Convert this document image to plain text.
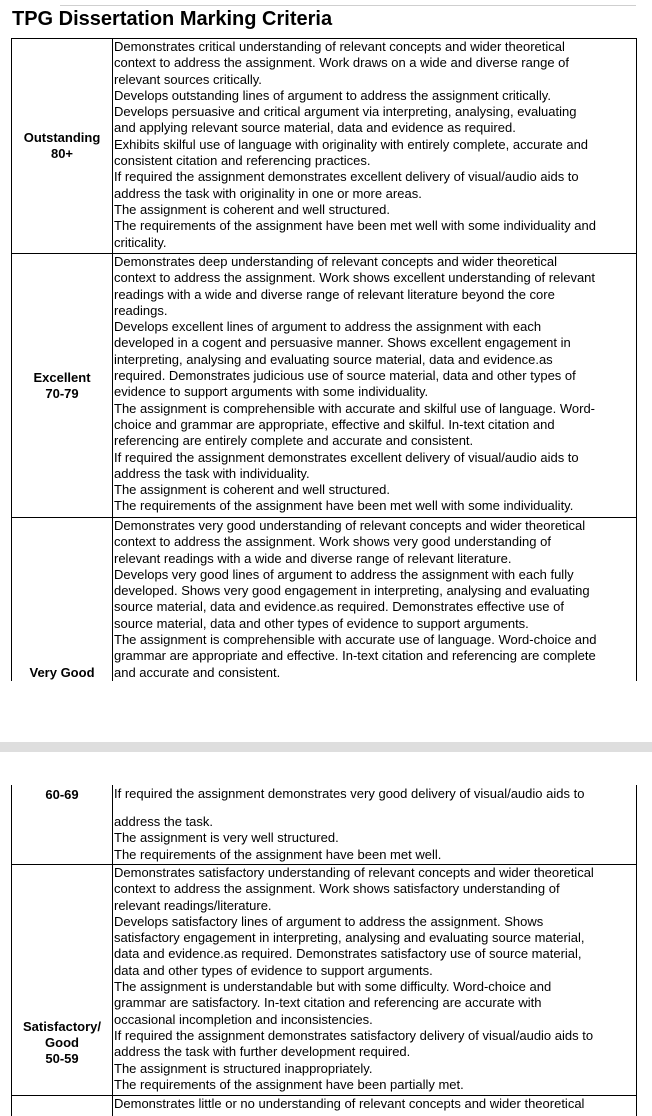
TPG Dissertation Marking Criteria
Outstanding
80+
Demonstrates critical understanding of relevant concepts and wider theoretical
context to address the assignment. Work draws on a wide and diverse range of
relevant sources critically.
Develops outstanding lines of argument to address the assignment critically.
Develops persuasive and critical argument via interpreting, analysing, evaluating
and applying relevant source material, data and evidence as required.
Exhibits skilful use of language with originality with entirely complete, accurate and
consistent citation and referencing practices.
If required the assignment demonstrates excellent delivery of visual/audio aids to
address the task with originality in one or more areas.
The assignment is coherent and well structured.
The requirements of the assignment have been met well with some individuality and
criticality.
Excellent
70-79
Demonstrates deep understanding of relevant concepts and wider theoretical
context to address the assignment. Work shows excellent understanding of relevant
readings with a wide and diverse range of relevant literature beyond the core
readings.
Develops excellent lines of argument to address the assignment with each
developed in a cogent and persuasive manner. Shows excellent engagement in
interpreting, analysing and evaluating source material, data and evidence.as
required. Demonstrates judicious use of source material, data and other types of
evidence to support arguments with some individuality.
The assignment is comprehensible with accurate and skilful use of language. Word-
choice and grammar are appropriate, effective and skilful. In-text citation and
referencing are entirely complete and accurate and consistent.
If required the assignment demonstrates excellent delivery of visual/audio aids to
address the task with individuality.
The assignment is coherent and well structured.
The requirements of the assignment have been met well with some individuality.
Very Good
Demonstrates very good understanding of relevant concepts and wider theoretical
context to address the assignment. Work shows very good understanding of
relevant readings with a wide and diverse range of relevant literature.
Develops very good lines of argument to address the assignment with each fully
developed. Shows very good engagement in interpreting, analysing and evaluating
source material, data and evidence.as required. Demonstrates effective use of
source material, data and other types of evidence to support arguments.
The assignment is comprehensible with accurate use of language. Word-choice and
grammar are appropriate and effective. In-text citation and referencing are complete
and accurate and consistent.
60-69	If required the assignment demonstrates very good delivery of visual/audio aids to
address the task.
The assignment is very well structured.
The requirements of the assignment have been met well.
Satisfactory/
Good
50-59
Demonstrates satisfactory understanding of relevant concepts and wider theoretical
context to address the assignment. Work shows satisfactory understanding of
relevant readings/literature.
Develops satisfactory lines of argument to address the assignment. Shows
satisfactory engagement in interpreting, analysing and evaluating source material,
data and evidence.as required. Demonstrates satisfactory use of source material,
data and other types of evidence to support arguments.
The assignment is understandable but with some difficulty. Word-choice and
grammar are satisfactory. In-text citation and referencing are accurate with
occasional incompletion and inconsistencies.
If required the assignment demonstrates satisfactory delivery of visual/audio aids to
address the task with further development required.
The assignment is structured inappropriately.
The requirements of the assignment have been partially met.
Demonstrates little or no understanding of relevant concepts and wider theoretical
